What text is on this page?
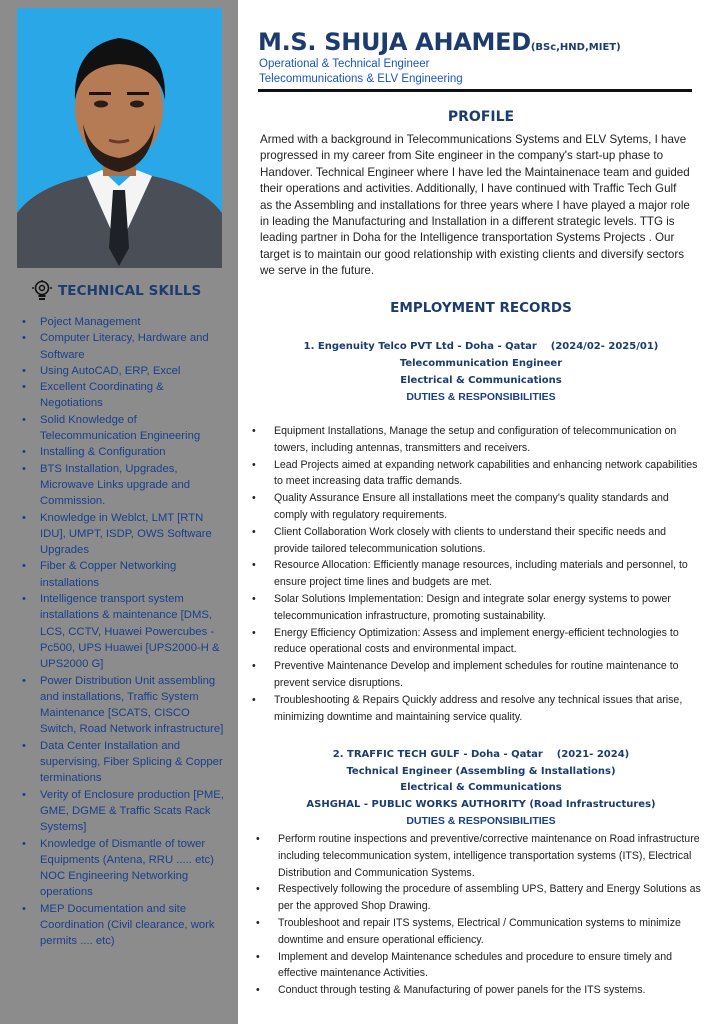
TECHNICAL SKILLS
• Poject Management
• Computer Literacy, Hardware and Software
• Using AutoCAD, ERP, Excel
• Excellent Coordinating & Negotiations
• Solid Knowledge of Telecommunication Engineering
• Installing & Configuration
• BTS Installation, Upgrades, Microwave Links upgrade and Commission.
• Knowledge in Weblct, LMT [RTN IDU], UMPT, ISDP, OWS Software Upgrades
• Fiber & Copper Networking installations
• Intelligence transport system installations & maintenance [DMS, LCS, CCTV, Huawei Powercubes - Pc500, UPS Huawei [UPS2000-H & UPS2000 G]
• Power Distribution Unit assembling and installations, Traffic System Maintenance [SCATS, CISCO Switch, Road Network infrastructure]
• Data Center Installation and supervising, Fiber Splicing & Copper terminations
• Verity of Enclosure production [PME, GME, DGME & Traffic Scats Rack Systems]
• Knowledge of Dismantle of tower Equipments (Antena, RRU ..... etc) NOC Engineering Networking operations
• MEP Documentation and site Coordination (Civil clearance, work permits .... etc)
M.S. SHUJA AHAMED(BSc,HND,MIET)
Operational & Technical Engineer
Telecommunications & ELV Engineering
PROFILE

Armed with a background in Telecommunications Systems and ELV Sytems, I have progressed in my career from Site engineer in the company's start-up phase to Handover. Technical Engineer where I have led the Maintainenace team and guided their operations and activities. Additionally, I have continued with Traffic Tech Gulf as the Assembling and installations for three years where I have played a major role in leading the Manufacturing and Installation in a different strategic levels. TTG is leading partner in Doha for the Intelligence transportation Systems Projects . Our target is to maintain our good relationship with existing clients and diversify sectors we serve in the future.

EMPLOYMENT RECORDS
1. Engenuity Telco PVT Ltd - Doha - Qatar (2024/02- 2025/01)
Telecommunication Engineer
Electrical & Communications
DUTIES & RESPONSIBILITIES
• Equipment Installations, Manage the setup and configuration of telecommunication on towers, including antennas, transmitters and receivers.
• Lead Projects aimed at expanding network capabilities and enhancing network capabilities to meet increasing data traffic demands.
• Quality Assurance Ensure all installations meet the company's quality standards and comply with regulatory requirements.
• Client Collaboration Work closely with clients to understand their specific needs and provide tailored telecommunication solutions.
• Resource Allocation: Efficiently manage resources, including materials and personnel, to ensure project time lines and budgets are met.
• Solar Solutions Implementation: Design and integrate solar energy systems to power telecommunication infrastructure, promoting sustainability.
• Energy Efficiency Optimization: Assess and implement energy-efficient technologies to reduce operational costs and environmental impact.
• Preventive Maintenance Develop and implement schedules for routine maintenance to prevent service disruptions.
• Troubleshooting & Repairs Quickly address and resolve any technical issues that arise, minimizing downtime and maintaining service quality.
2. TRAFFIC TECH GULF - Doha - Qatar (2021- 2024)
Technical Engineer (Assembling & Installations)
Electrical & Communications
ASHGHAL - PUBLIC WORKS AUTHORITY (Road Infrastructures)
DUTIES & RESPONSIBILITIES
• Perform routine inspections and preventive/corrective maintenance on Road infrastructure including telecommunication system, intelligence transportation systems (ITS), Electrical Distribution and Communication Systems.
• Respectively following the procedure of assembling UPS, Battery and Energy Solutions as per the approved Shop Drawing.
• Troubleshoot and repair ITS systems, Electrical / Communication systems to minimize downtime and ensure operational efficiency.
• Implement and develop Maintenance schedules and procedure to ensure timely and effective maintenance Activities.
• Conduct through testing & Manufacturing of power panels for the ITS systems.
